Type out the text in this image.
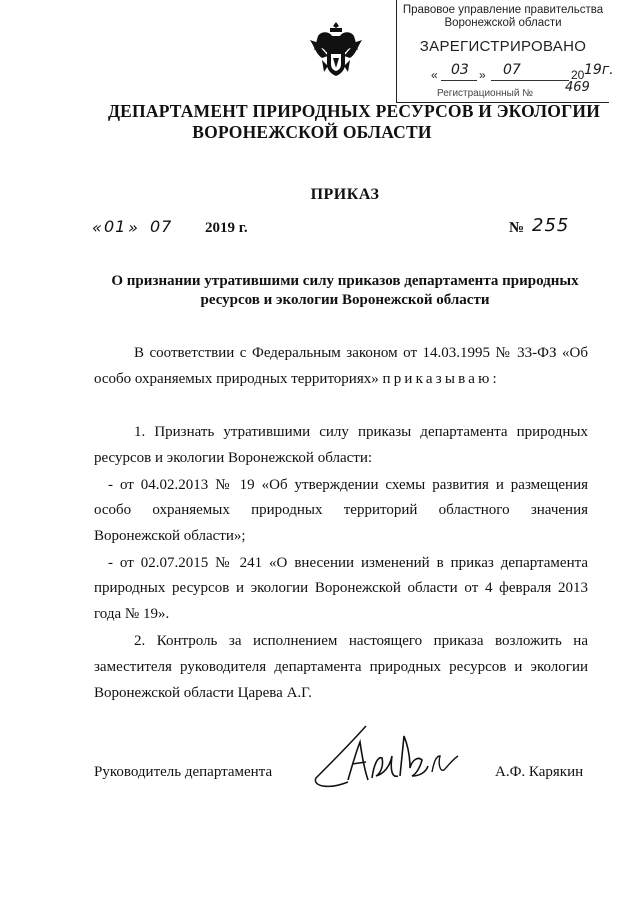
Правовое управление правительства
Воронежской области
ЗАРЕГИСТРИРОВАНО
« 03 » 07	20 19г.
Регистрационный № 469
ДЕПАРТАМЕНТ ПРИРОДНЫХ РЕСУРСОВ И ЭКОЛОГИИ
ВОРОНЕЖСКОЙ ОБЛАСТИ
ПРИКАЗ
« 01 » 07 2019 г.	№ 255
О признании утратившими силу приказов департамента природных
ресурсов и экологии Воронежской области
В соответствии с Федеральным законом от 14.03.1995 № 33-ФЗ «Об
особо охраняемых природных территориях» приказываю:
1. Признать утратившими силу приказы департамента природных
ресурсов и экологии Воронежской области:
- от 04.02.2013 № 19 «Об утверждении схемы развития и размещения
особо охраняемых природных территорий областного значения
Воронежской области»;
- от 02.07.2015 № 241 «О внесении изменений в приказ департамента
природных ресурсов и экологии Воронежской области от 4 февраля 2013
года № 19».
2. Контроль за исполнением настоящего приказа возложить на
заместителя руководителя департамента природных ресурсов и экологии
Воронежской области Царева А.Г.
Руководитель департамента	А.Ф. Карякин
